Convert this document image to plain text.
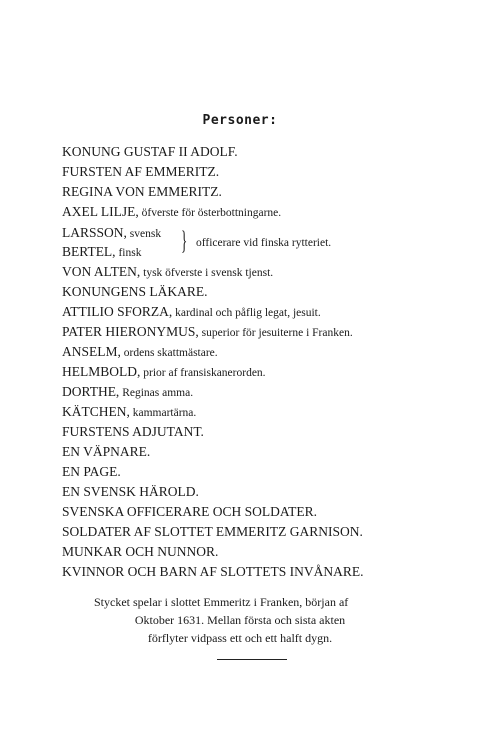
Personer:
KONUNG GUSTAF II ADOLF.
FURSTEN AF EMMERITZ.
REGINA VON EMMERITZ.
AXEL LILJE, öfverste för österbottningarne.
LARSSON, svensk
BERTEL, finsk } officerare vid finska rytteriet.
VON ALTEN, tysk öfverste i svensk tjenst.
KONUNGENS LÄKARE.
ATTILIO SFORZA, kardinal och påflig legat, jesuit.
PATER HIERONYMUS, superior för jesuiterne i Franken.
ANSELM, ordens skattmästare.
HELMBOLD, prior af fransiskanerorden.
DORTHE, Reginas amma.
KÄTCHEN, kammartärna.
FURSTENS ADJUTANT.
EN VÄPNARE.
EN PAGE.
EN SVENSK HÄROLD.
SVENSKA OFFICERARE OCH SOLDATER.
SOLDATER AF SLOTTET EMMERITZ GARNISON.
MUNKAR OCH NUNNOR.
KVINNOR OCH BARN AF SLOTTETS INVÅNARE.
Stycket spelar i slottet Emmeritz i Franken, början af
Oktober 1631. Mellan första och sista akten
förflyter vidpass ett och ett halft dygn.
